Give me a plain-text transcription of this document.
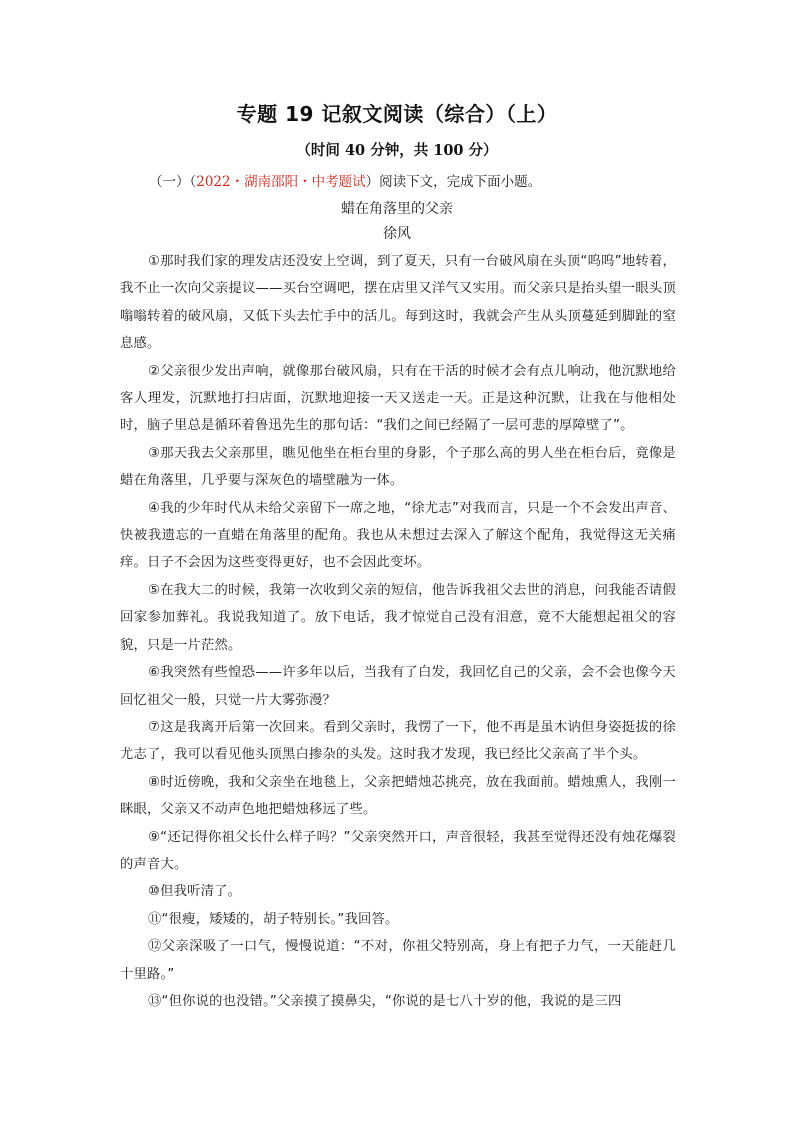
专题 19 记叙文阅读（综合）（上）
（时间 40 分钟，共 100 分）
（一）（2022・湖南邵阳・中考题试）阅读下文，完成下面小题。
蜡在角落里的父亲
徐风

①那时我们家的理发店还没安上空调，到了夏天，只有一台破风扇在头顶“呜呜”地转着，我不止一次向父亲提议——买台空调吧，摆在店里又洋气又实用。而父亲只是抬头望一眼头顶嗡嗡转着的破风扇，又低下头去忙手中的活儿。每到这时，我就会产生从头顶蔓延到脚趾的窒息感。

②父亲很少发出声响，就像那台破风扇，只有在干活的时候才会有点儿响动，他沉默地给客人理发，沉默地打扫店面，沉默地迎接一天又送走一天。正是这种沉默，让我在与他相处时，脑子里总是循环着鲁迅先生的那句话：“我们之间已经隔了一层可悲的厚障壁了”。

③那天我去父亲那里，瞧见他坐在柜台里的身影，个子那么高的男人坐在柜台后，竟像是蜡在角落里，几乎要与深灰色的墙壁融为一体。

④我的少年时代从未给父亲留下一席之地，“徐尤志”对我而言，只是一个不会发出声音、快被我遗忘的一直蜡在角落里的配角。我也从未想过去深入了解这个配角，我觉得这无关痛痒。日子不会因为这些变得更好，也不会因此变坏。

⑤在我大二的时候，我第一次收到父亲的短信，他告诉我祖父去世的消息，问我能否请假回家参加葬礼。我说我知道了。放下电话，我才惊觉自己没有泪意，竟不大能想起祖父的容貌，只是一片茫然。

⑥我突然有些惶恐——许多年以后，当我有了白发，我回忆自己的父亲，会不会也像今天回忆祖父一般，只觉一片大雾弥漫？

⑦这是我离开后第一次回来。看到父亲时，我愣了一下，他不再是虽木讷但身姿挺拔的徐尤志了，我可以看见他头顶黑白掺杂的头发。这时我才发现，我已经比父亲高了半个头。

⑧时近傍晚，我和父亲坐在地毯上，父亲把蜡烛芯挑亮，放在我面前。蜡烛熏人，我刚一眯眼，父亲又不动声色地把蜡烛移远了些。

⑨“还记得你祖父长什么样子吗？”父亲突然开口，声音很轻，我甚至觉得还没有烛花爆裂的声音大。

⑩但我听清了。

⑪“很瘦，矮矮的，胡子特别长。”我回答。

⑫父亲深吸了一口气，慢慢说道：“不对，你祖父特别高，身上有把子力气，一天能赶几十里路。”

⑬“但你说的也没错。”父亲摸了摸鼻尖，“你说的是七八十岁的他，我说的是三四
